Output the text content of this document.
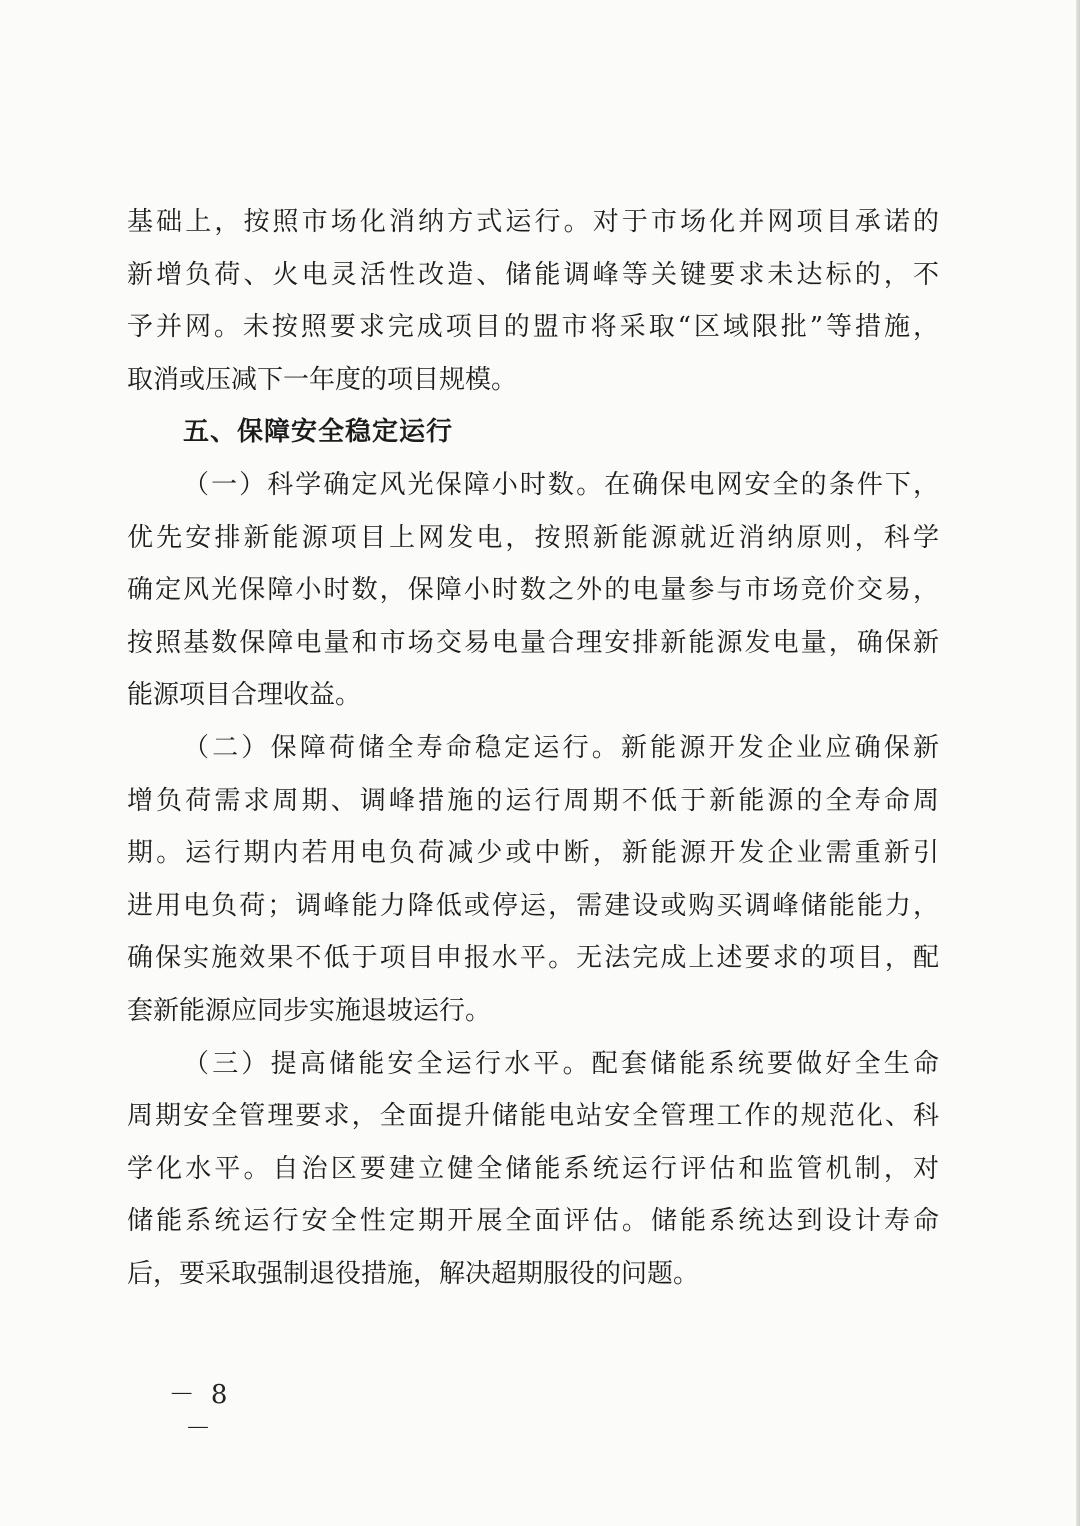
基础上，按照市场化消纳方式运行。对于市场化并网项目承诺的
新增负荷、火电灵活性改造、储能调峰等关键要求未达标的，不
予并网。未按照要求完成项目的盟市将采取“区域限批”等措施，
取消或压减下一年度的项目规模。
五、保障安全稳定运行
（一）科学确定风光保障小时数。在确保电网安全的条件下，
优先安排新能源项目上网发电，按照新能源就近消纳原则，科学
确定风光保障小时数，保障小时数之外的电量参与市场竞价交易，
按照基数保障电量和市场交易电量合理安排新能源发电量，确保新
能源项目合理收益。
（二）保障荷储全寿命稳定运行。新能源开发企业应确保新
增负荷需求周期、调峰措施的运行周期不低于新能源的全寿命周
期。运行期内若用电负荷减少或中断，新能源开发企业需重新引
进用电负荷；调峰能力降低或停运，需建设或购买调峰储能能力，
确保实施效果不低于项目申报水平。无法完成上述要求的项目，配
套新能源应同步实施退坡运行。
（三）提高储能安全运行水平。配套储能系统要做好全生命
周期安全管理要求，全面提升储能电站安全管理工作的规范化、科
学化水平。自治区要建立健全储能系统运行评估和监管机制，对
储能系统运行安全性定期开展全面评估。储能系统达到设计寿命
后，要采取强制退役措施，解决超期服役的问题。
－ 8 －
